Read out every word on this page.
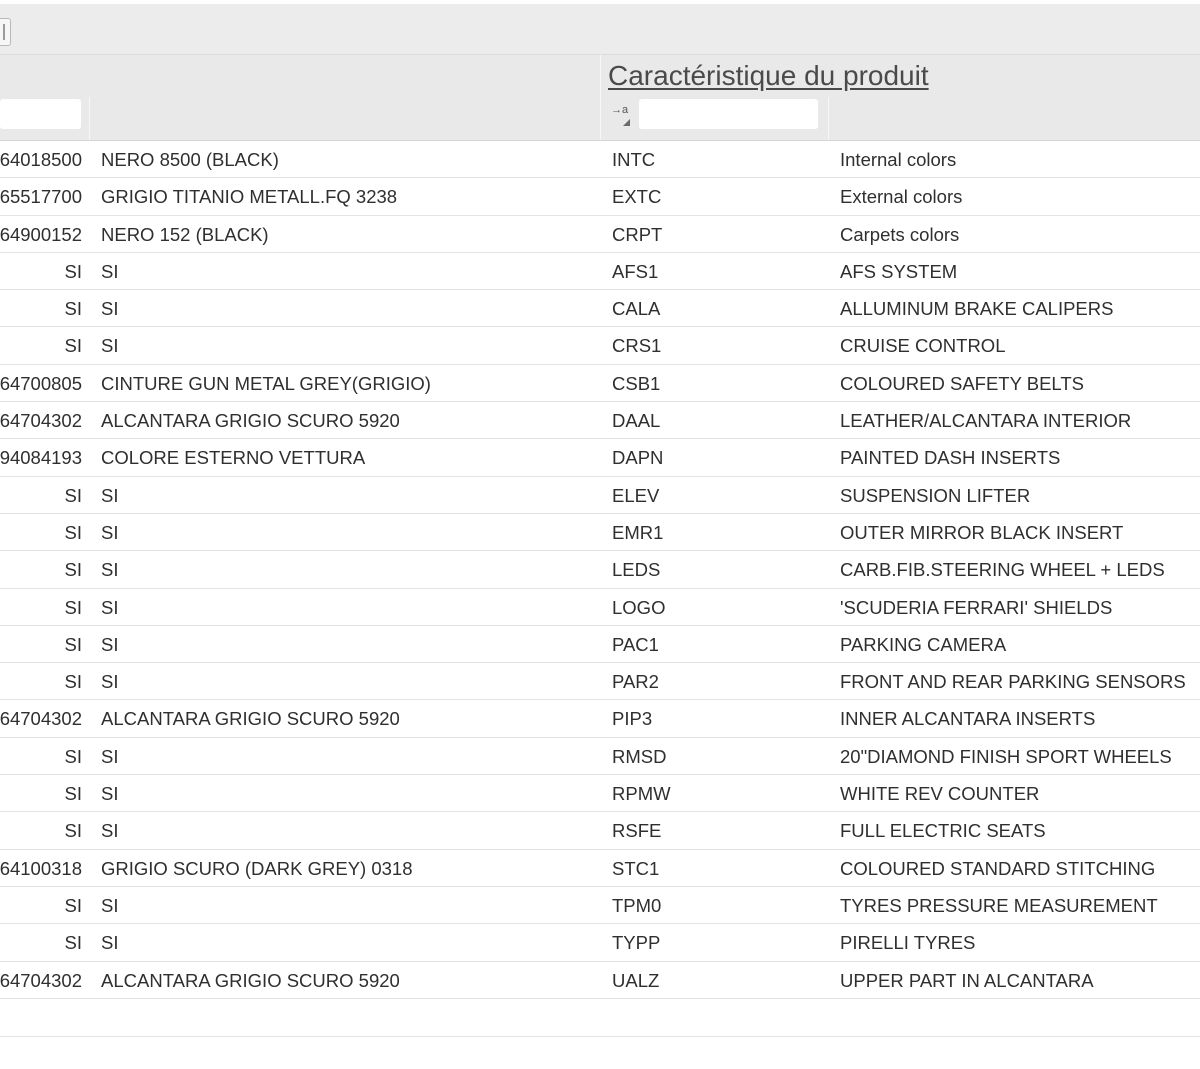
Caractéristique du produit
→a
64018500 NERO 8500 (BLACK)	INTC	Internal colors
65517700 GRIGIO TITANIO METALL.FQ 3238	EXTC	External colors
64900152 NERO 152 (BLACK)	CRPT	Carpets colors
SI SI	AFS1	AFS SYSTEM
SI SI	CALA	ALLUMINUM BRAKE CALIPERS
SI SI	CRS1	CRUISE CONTROL
64700805 CINTURE GUN METAL GREY(GRIGIO)	CSB1	COLOURED SAFETY BELTS
64704302 ALCANTARA GRIGIO SCURO 5920	DAAL	LEATHER/ALCANTARA INTERIOR
94084193 COLORE ESTERNO VETTURA	DAPN	PAINTED DASH INSERTS
SI SI	ELEV	SUSPENSION LIFTER
SI SI	EMR1	OUTER MIRROR BLACK INSERT
SI SI	LEDS	CARB.FIB.STEERING WHEEL + LEDS
SI SI	LOGO	'SCUDERIA FERRARI' SHIELDS
SI SI	PAC1	PARKING CAMERA
SI SI	PAR2	FRONT AND REAR PARKING SENSORS
64704302 ALCANTARA GRIGIO SCURO 5920	PIP3	INNER ALCANTARA INSERTS
SI SI	RMSD	20"DIAMOND FINISH SPORT WHEELS
SI SI	RPMW	WHITE REV COUNTER
SI SI	RSFE	FULL ELECTRIC SEATS
64100318 GRIGIO SCURO (DARK GREY) 0318	STC1	COLOURED STANDARD STITCHING
SI SI	TPM0	TYRES PRESSURE MEASUREMENT
SI SI	TYPP	PIRELLI TYRES
64704302 ALCANTARA GRIGIO SCURO 5920	UALZ	UPPER PART IN ALCANTARA
